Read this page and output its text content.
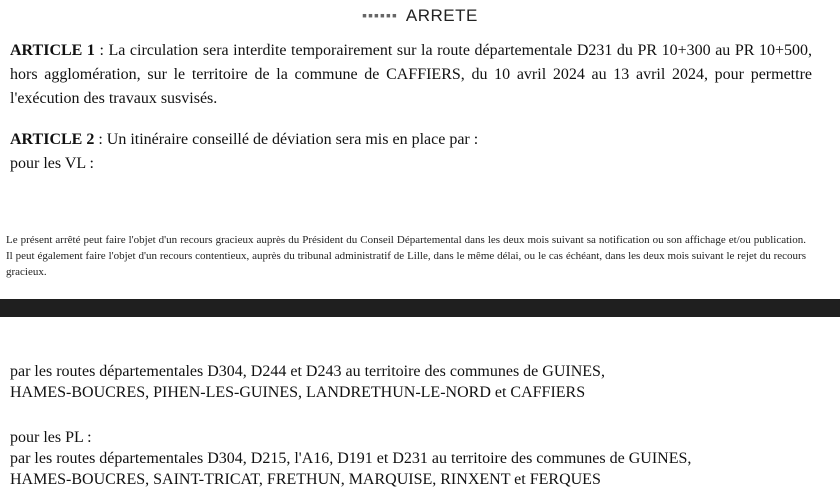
▪▪▪▪▪▪ ARRETE
ARTICLE 1 : La circulation sera interdite temporairement sur la route départementale D231 du PR 10+300 au PR 10+500, hors agglomération, sur le territoire de la commune de CAFFIERS, du 10 avril 2024 au 13 avril 2024, pour permettre l'exécution des travaux susvisés.
ARTICLE 2 : Un itinéraire conseillé de déviation sera mis en place par :
pour les VL :
Le présent arrêté peut faire l'objet d'un recours gracieux auprès du Président du Conseil Départemental dans les deux mois suivant sa notification ou son affichage et/ou publication. Il peut également faire l'objet d'un recours contentieux, auprès du tribunal administratif de Lille, dans le même délai, ou le cas échéant, dans les deux mois suivant le rejet du recours gracieux.
par les routes départementales D304, D244 et D243 au territoire des communes de GUINES,
HAMES-BOUCRES, PIHEN-LES-GUINES, LANDRETHUN-LE-NORD et CAFFIERS
pour les PL :
par les routes départementales D304, D215, l'A16, D191 et D231 au territoire des communes de GUINES,
HAMES-BOUCRES, SAINT-TRICAT, FRETHUN, MARQUISE, RINXENT et FERQUES
